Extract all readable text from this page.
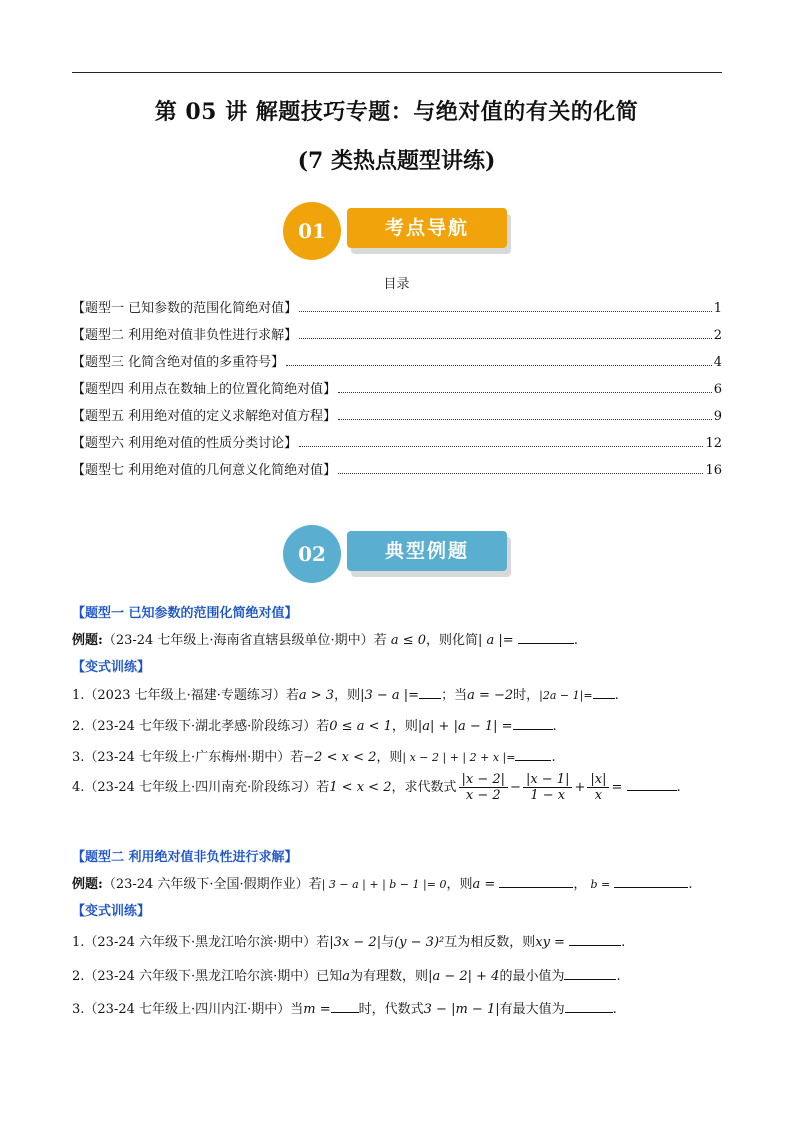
第 05 讲 解题技巧专题：与绝对值的有关的化简
(7 类热点题型讲练)
01	考点导航
目录
【题型一 已知参数的范围化简绝对值】	1
【题型二 利用绝对值非负性进行求解】	2
【题型三 化简含绝对值的多重符号】	4
【题型四 利用点在数轴上的位置化简绝对值】	6
【题型五 利用绝对值的定义求解绝对值方程】	9
【题型六 利用绝对值的性质分类讨论】	12
【题型七 利用绝对值的几何意义化简绝对值】	16
02	典型例题
【题型一 已知参数的范围化简绝对值】
例题:（23-24 七年级上·海南省直辖县级单位·期中）若 a ≤ 0，则化简| a |=	.
【变式训练】
1.（2023 七年级上·福建·专题练习）若a > 3，则|3 − a |= ；当a = −2时，|2a − 1|= .
2.（23-24 七年级下·湖北孝感·阶段练习）若0 ≤ a < 1，则|a| + |a − 1| =	.
3.（23-24 七年级上·广东梅州·期中）若−2 < x < 2，则| x − 2 | + | 2 + x |=	.
4.（23-24 七年级上·四川南充·阶段练习）若1 < x < 2，求代数式 $\frac{|x - 2|}{x - 2} - \frac{|x - 1|}{1 - x} + \frac{|x|}{x}$ =	.
【题型二 利用绝对值非负性进行求解】
例题:（23-24 六年级下·全国·假期作业）若| 3 − a | + | b − 1 |= 0，则a =	， b =	.
【变式训练】
1.（23-24 六年级下·黑龙江哈尔滨·期中）若|3x − 2|与(y − 3)²互为相反数，则xy =	.
2.（23-24 六年级下·黑龙江哈尔滨·期中）已知a为有理数，则|a − 2| + 4的最小值为	.
3.（23-24 七年级上·四川内江·期中）当m = 时，代数式3 − |m − 1|有最大值为	.
